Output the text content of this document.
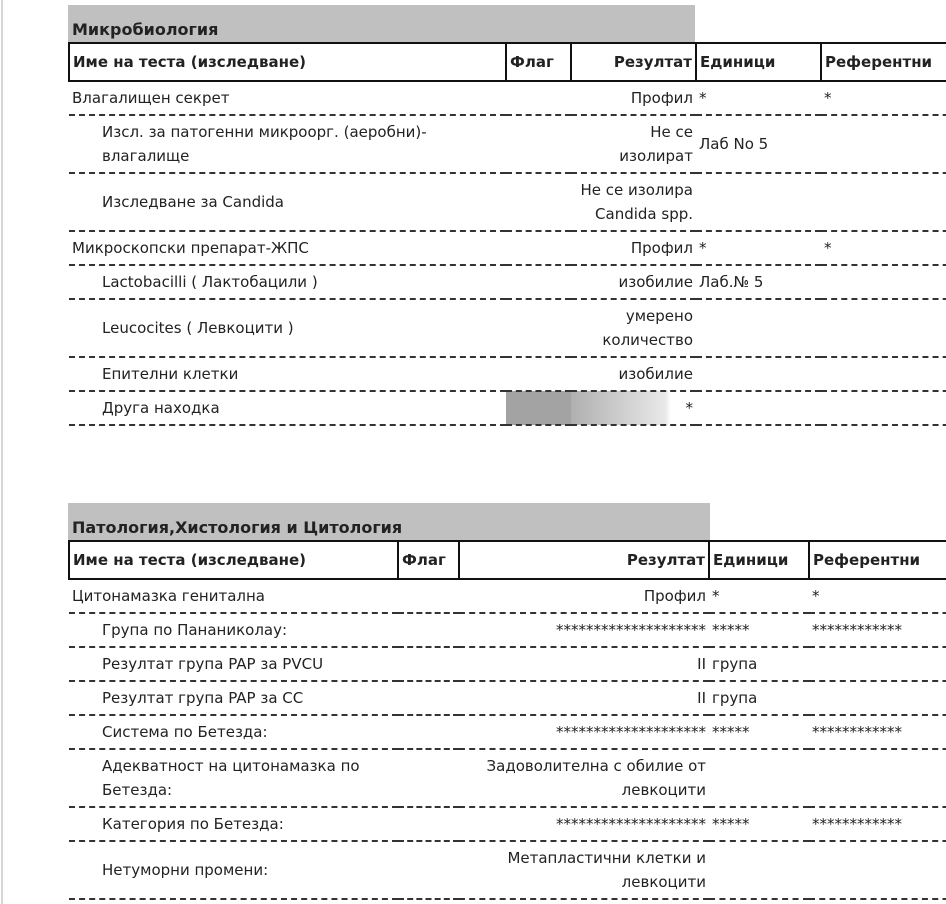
Микробиология
Име на теста (изследване)	Флаг	Резултат	Единици	Референтни
Влагалищен секрет		Профил	*	*
Изсл. за патогенни микроорг. (аеробни)-влагалище		Не се изолират	Лаб No 5	
Изследване за Candida		Не се изолира Candida spp.		
Микроскопски препарат-ЖПС		Профил	*	*
Lactobacilli ( Лактобацили )		изобилие	Лаб.№ 5	
Leucocites ( Левкоцити )		умерено количество		
Епителни клетки		изобилие		
Друга находка		*		
Патология,Хистология и Цитология
Име на теста (изследване)	Флаг	Резултат	Единици	Референтни
Цитонамазка генитална		Профил	*	*
Група по Пананиколау:		********************	*****	************
Резултат група PAP за PVCU		II	група	
Резултат група PAP за CC		II	група	
Система по Бетезда:		********************	*****	************
Адекватност на цитонамазка по Бетезда:		Задоволителна с обилие от левкоцити		
Категория по Бетезда:		********************	*****	************
Нетуморни промени:		Метапластични клетки и левкоцити		
